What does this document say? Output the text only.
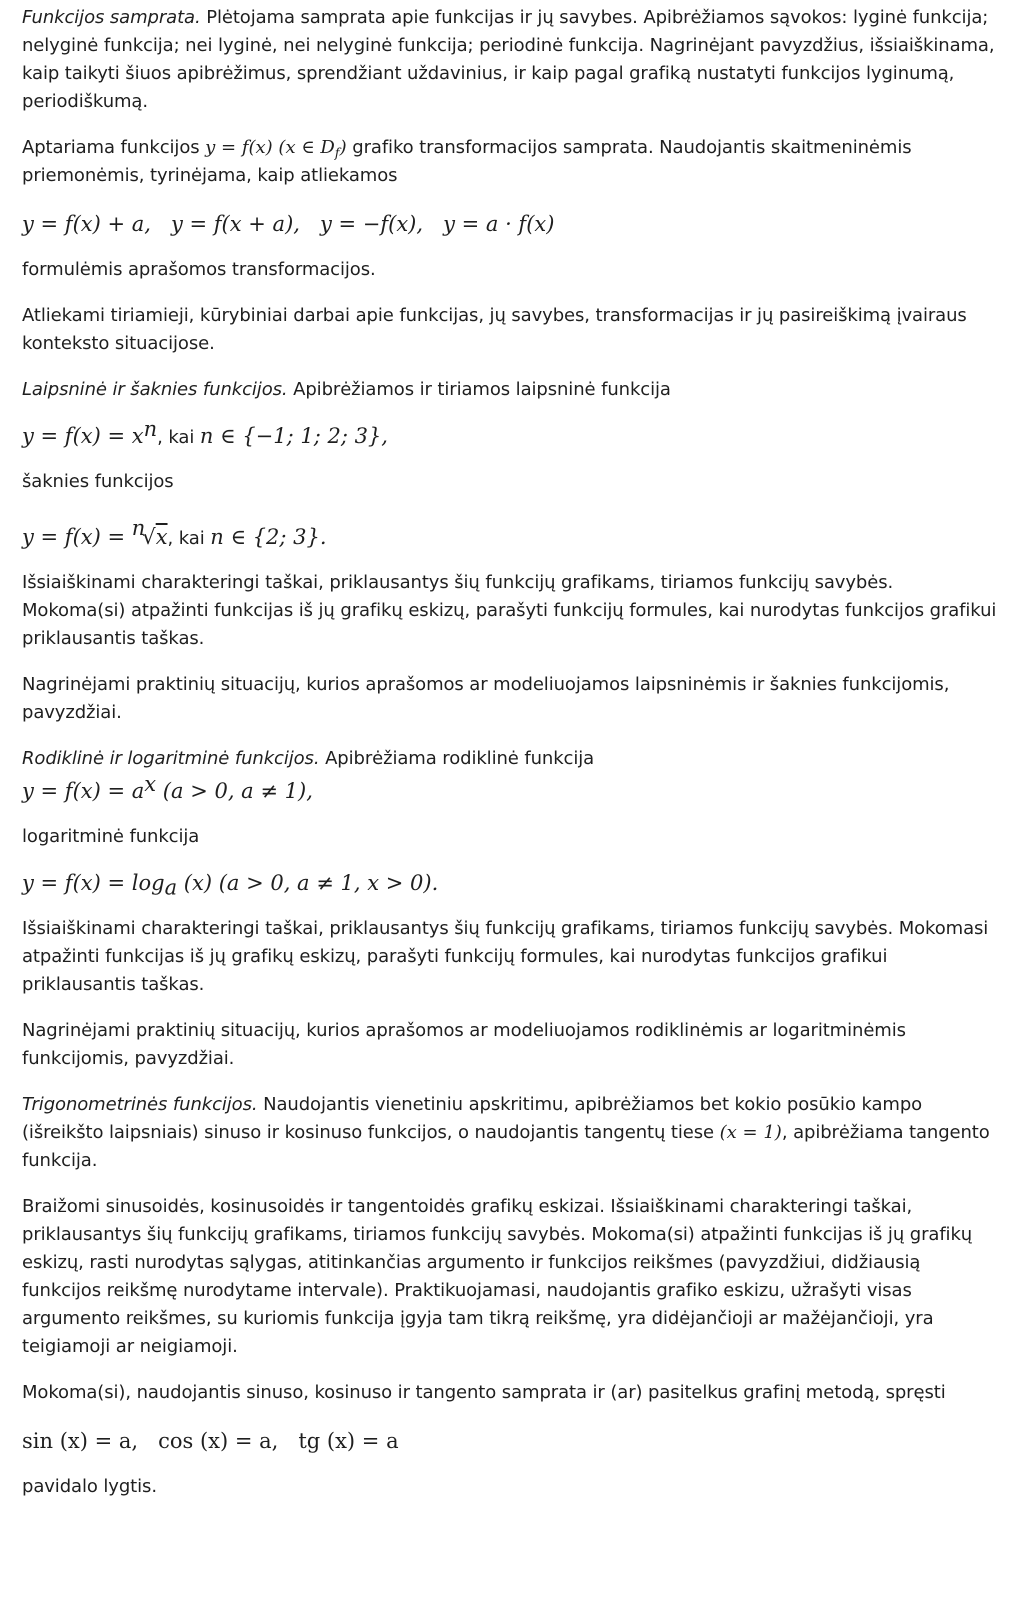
Funkcijos samprata. Plėtojama samprata apie funkcijas ir jų savybes. Apibrėžiamos sąvokos: lyginė funkcija; nelyginė funkcija; nei lyginė, nei nelyginė funkcija; periodinė funkcija. Nagrinėjant pavyzdžius, išsiaiškinama, kaip taikyti šiuos apibrėžimus, sprendžiant uždavinius, ir kaip pagal grafiką nustatyti funkcijos lyginumą, periodiškumą.

Aptariama funkcijos y = f(x) (x ∈ $D_f$) grafiko transformacijos samprata. Naudojantis skaitmeninėmis priemonėmis, tyrinėjama, kaip atliekamos

y = f(x) + a,   y = f(x + a),   y = −f(x),   y = a · f(x)

formulėmis aprašomos transformacijos.

Atliekami tiriamieji, kūrybiniai darbai apie funkcijas, jų savybes, transformacijas ir jų pasireiškimą įvairaus konteksto situacijose.

Laipsninė ir šaknies funkcijos. Apibrėžiamos ir tiriamos laipsninė funkcija

$y = f(x) = x^n$, kai n ∈ {−1; 1; 2; 3},

šaknies funkcijos

y = f(x) = n√x, kai n ∈ {2; 3}.

Išsiaiškinami charakteringi taškai, priklausantys šių funkcijų grafikams, tiriamos funkcijų savybės. Mokoma(si) atpažinti funkcijas iš jų grafikų eskizų, parašyti funkcijų formules, kai nurodytas funkcijos grafikui priklausantis taškas.

Nagrinėjami praktinių situacijų, kurios aprašomos ar modeliuojamos laipsninėmis ir šaknies funkcijomis, pavyzdžiai.

Rodiklinė ir logaritminė funkcijos. Apibrėžiama rodiklinė funkcija

$y = f(x) = a^x$ (a > 0, a ≠ 1),

logaritminė funkcija

$y = f(x) = \log_a (x) (a > 0$, a ≠ 1, x > 0).

Išsiaiškinami charakteringi taškai, priklausantys šių funkcijų grafikams, tiriamos funkcijų savybės. Mokomasi atpažinti funkcijas iš jų grafikų eskizų, parašyti funkcijų formules, kai nurodytas funkcijos grafikui priklausantis taškas.

Nagrinėjami praktinių situacijų, kurios aprašomos ar modeliuojamos rodiklinėmis ar logaritminėmis funkcijomis, pavyzdžiai.

Trigonometrinės funkcijos. Naudojantis vienetiniu apskritimu, apibrėžiamos bet kokio posūkio kampo (išreikšto laipsniais) sinuso ir kosinuso funkcijos, o naudojantis tangentų tiese (x = 1), apibrėžiama tangento funkcija.

Braižomi sinusoidės, kosinusoidės ir tangentoidės grafikų eskizai. Išsiaiškinami charakteringi taškai, priklausantys šių funkcijų grafikams, tiriamos funkcijų savybės. Mokoma(si) atpažinti funkcijas iš jų grafikų eskizų, rasti nurodytas sąlygas, atitinkančias argumento ir funkcijos reikšmes (pavyzdžiui, didžiausią funkcijos reikšmę nurodytame intervale). Praktikuojamasi, naudojantis grafiko eskizu, užrašyti visas argumento reikšmes, su kuriomis funkcija įgyja tam tikrą reikšmę, yra didėjančioji ar mažėjančioji, yra teigiamoji ar neigiamoji.

Mokoma(si), naudojantis sinuso, kosinuso ir tangento samprata ir (ar) pasitelkus grafinį metodą, spręsti

sin (x) = a,   cos (x) = a,   tg (x) = a

pavidalo lygtis.
